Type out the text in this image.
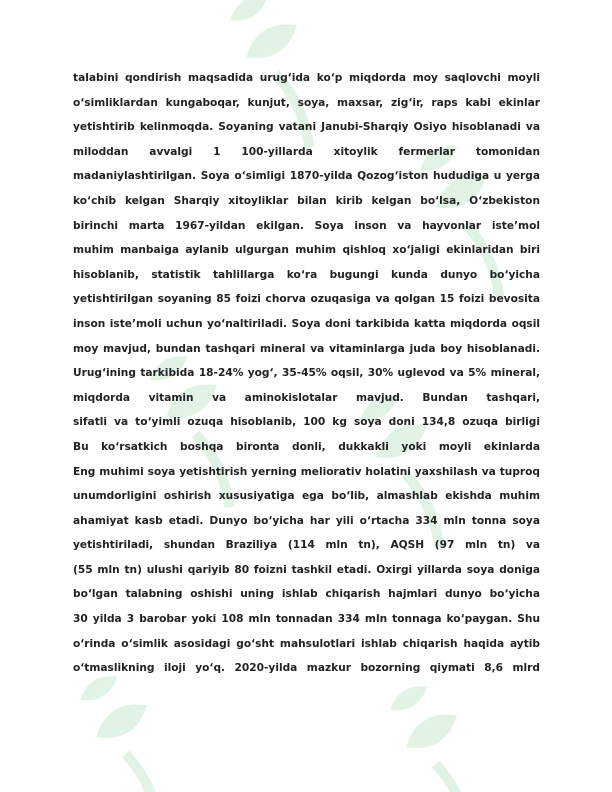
talabini qondirish maqsadida urug‘ida ko‘p miqdorda moy saqlovchi moyli
o‘simliklardan kungaboqar, kunjut, soya, maxsar, zig‘ir, raps kabi ekinlar
yetishtirib kelinmoqda. Soyaning vatani Janubi-Sharqiy Osiyo hisoblanadi va
miloddan avvalgi 1 100-yillarda xitoylik fermerlar tomonidan
madaniylashtirilgan. Soya o‘simligi 1870-yilda Qozog‘iston hududiga u yerga
ko‘chib kelgan Sharqiy xitoyliklar bilan kirib kelgan bo‘lsa, O‘zbekiston
birinchi marta 1967-yildan ekilgan. Soya inson va hayvonlar iste’mol
muhim manbaiga aylanib ulgurgan muhim qishloq xo‘jaligi ekinlaridan biri
hisoblanib, statistik tahlillarga ko‘ra bugungi kunda dunyo bo‘yicha
yetishtirilgan soyaning 85 foizi chorva ozuqasiga va qolgan 15 foizi bevosita
inson iste’moli uchun yo‘naltiriladi. Soya doni tarkibida katta miqdorda oqsil
moy mavjud, bundan tashqari mineral va vitaminlarga juda boy hisoblanadi.
Urug‘ining tarkibida 18-24% yog‘, 35-45% oqsil, 30% uglevod va 5% mineral,
miqdorda vitamin va aminokislotalar mavjud. Bundan tashqari,
sifatli va to‘yimli ozuqa hisoblanib, 100 kg soya doni 134,8 ozuqa birligi
Bu ko‘rsatkich boshqa bironta donli, dukkakli yoki moyli ekinlarda
Eng muhimi soya yetishtirish yerning meliorativ holatini yaxshilash va tuproq
unumdorligini oshirish xususiyatiga ega bo‘lib, almashlab ekishda muhim
ahamiyat kasb etadi. Dunyo bo‘yicha har yili o‘rtacha 334 mln tonna soya
yetishtiriladi, shundan Braziliya (114 mln tn), AQSH (97 mln tn) va
(55 mln tn) ulushi qariyib 80 foizni tashkil etadi. Oxirgi yillarda soya doniga
bo‘lgan talabning oshishi uning ishlab chiqarish hajmlari dunyo bo‘yicha
30 yilda 3 barobar yoki 108 mln tonnadan 334 mln tonnaga ko‘paygan. Shu
o‘rinda o‘simlik asosidagi go‘sht mahsulotlari ishlab chiqarish haqida aytib
o‘tmaslikning iloji yo‘q. 2020-yilda mazkur bozorning qiymati 8,6 mlrd
